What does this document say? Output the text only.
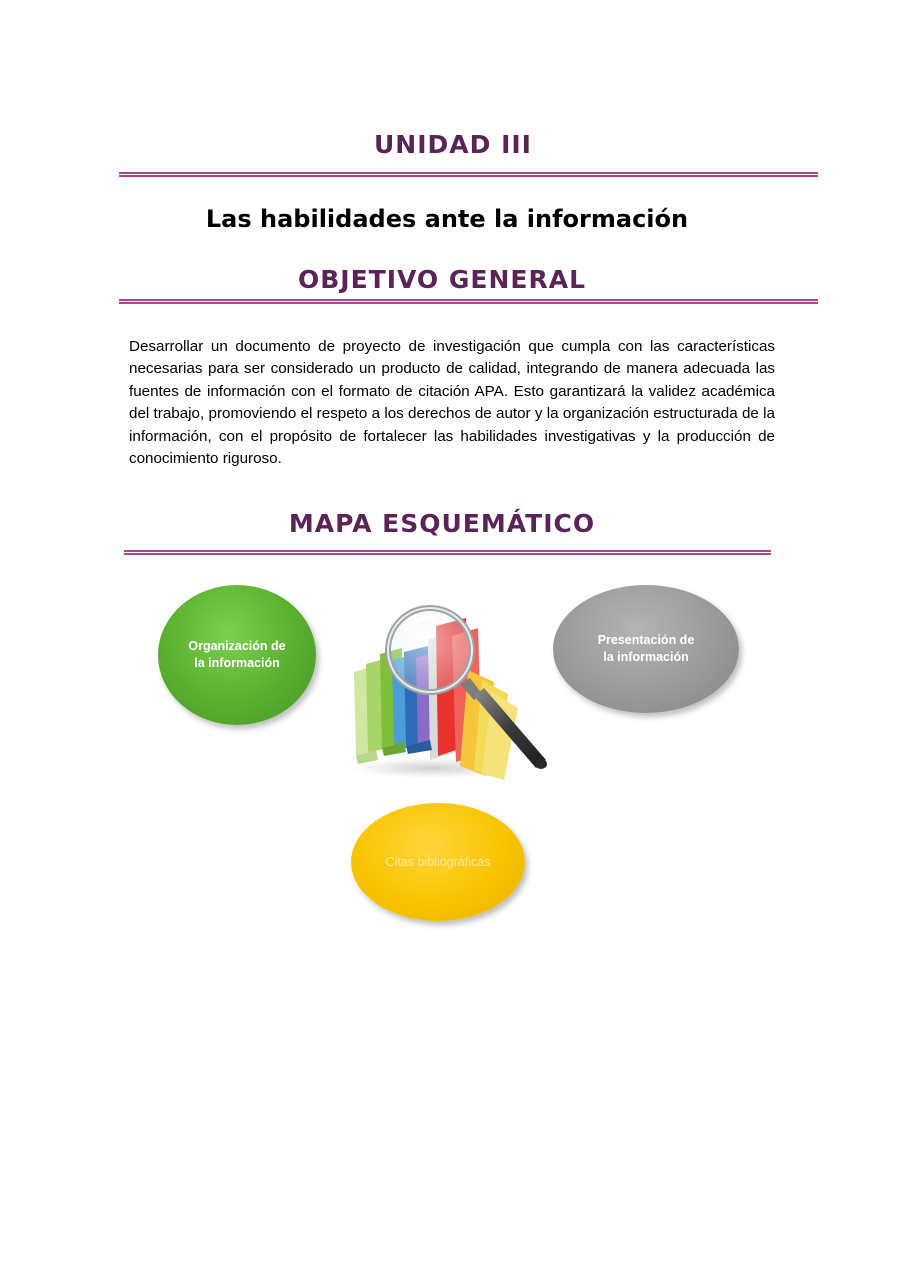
UNIDAD III
Las habilidades ante la información
OBJETIVO GENERAL

Desarrollar un documento de proyecto de investigación que cumpla con las características necesarias para ser considerado un producto de calidad, integrando de manera adecuada las fuentes de información con el formato de citación APA. Esto garantizará la validez académica del trabajo, promoviendo el respeto a los derechos de autor y la organización estructurada de la información, con el propósito de fortalecer las habilidades investigativas y la producción de conocimiento riguroso.

MAPA ESQUEMÁTICO
Organización de la información
Presentación de la información
Citas bibliográficas
